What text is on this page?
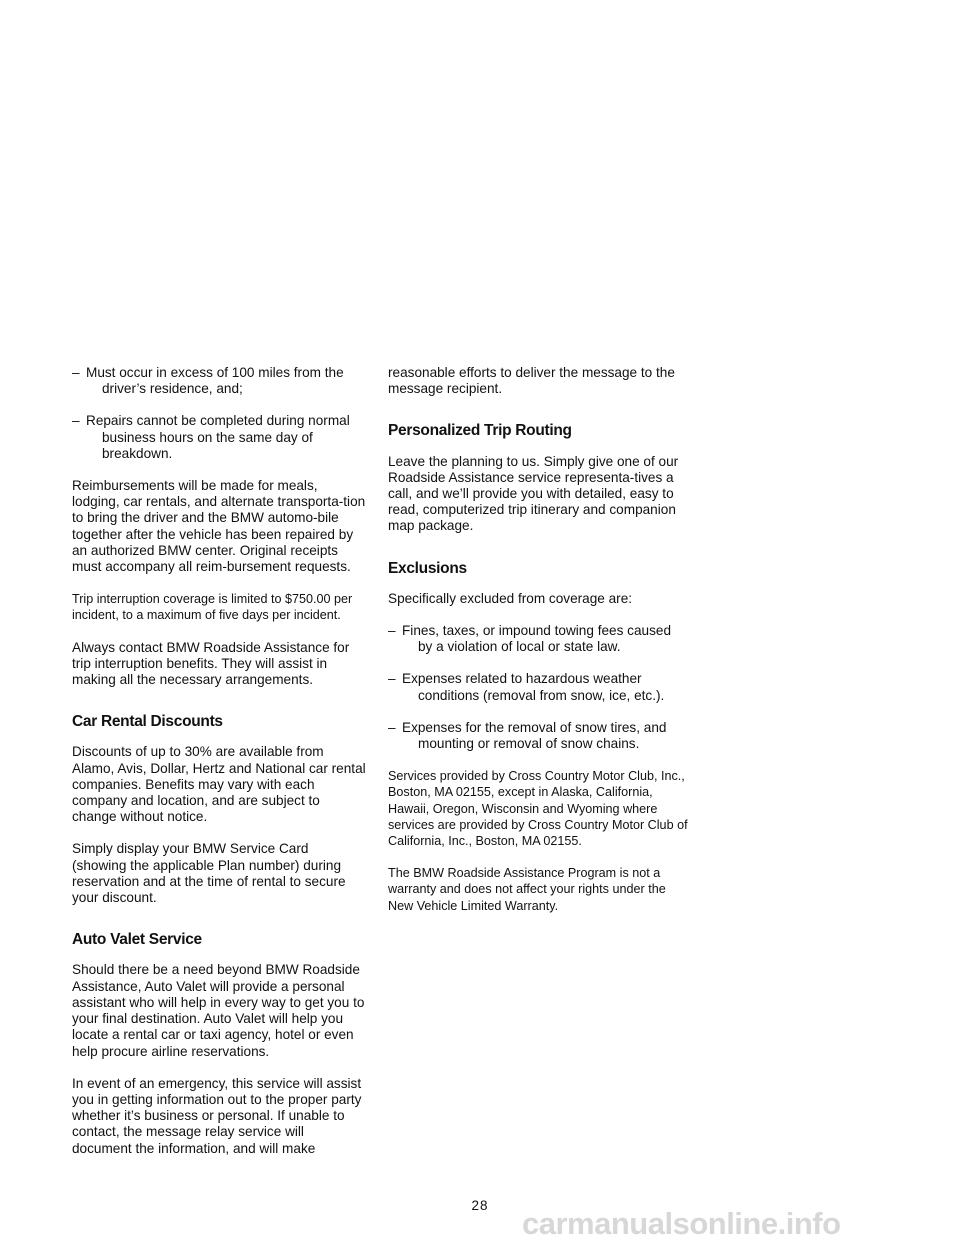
– Must occur in excess of 100 miles from the driver’s residence, and;
– Repairs cannot be completed during normal business hours on the same day of breakdown.

Reimbursements will be made for meals, lodging, car rentals, and alternate transporta-tion to bring the driver and the BMW automo-bile together after the vehicle has been repaired by an authorized BMW center. Original receipts must accompany all reim-bursement requests.

Trip interruption coverage is limited to $750.00 per incident, to a maximum of five days per incident.

Always contact BMW Roadside Assistance for trip interruption benefits. They will assist in making all the necessary arrangements.

Car Rental Discounts

Discounts of up to 30% are available from Alamo, Avis, Dollar, Hertz and National car rental companies. Benefits may vary with each company and location, and are subject to change without notice.

Simply display your BMW Service Card (showing the applicable Plan number) during reservation and at the time of rental to secure your discount.

Auto Valet Service

Should there be a need beyond BMW Roadside Assistance, Auto Valet will provide a personal assistant who will help in every way to get you to your final destination. Auto Valet will help you locate a rental car or taxi agency, hotel or even help procure airline reservations.

In event of an emergency, this service will assist you in getting information out to the proper party whether it’s business or personal. If unable to contact, the message relay service will document the information, and will make

reasonable efforts to deliver the message to the message recipient.

Personalized Trip Routing

Leave the planning to us. Simply give one of our Roadside Assistance service representa-tives a call, and we’ll provide you with detailed, easy to read, computerized trip itinerary and companion map package.

Exclusions

Specifically excluded from coverage are:

– Fines, taxes, or impound towing fees caused by a violation of local or state law.
– Expenses related to hazardous weather conditions (removal from snow, ice, etc.).
– Expenses for the removal of snow tires, and mounting or removal of snow chains.

Services provided by Cross Country Motor Club, Inc., Boston, MA 02155, except in Alaska, California, Hawaii, Oregon, Wisconsin and Wyoming where services are provided by Cross Country Motor Club of California, Inc., Boston, MA 02155.

The BMW Roadside Assistance Program is not a warranty and does not affect your rights under the New Vehicle Limited Warranty.

28
carmanualsonline.info
